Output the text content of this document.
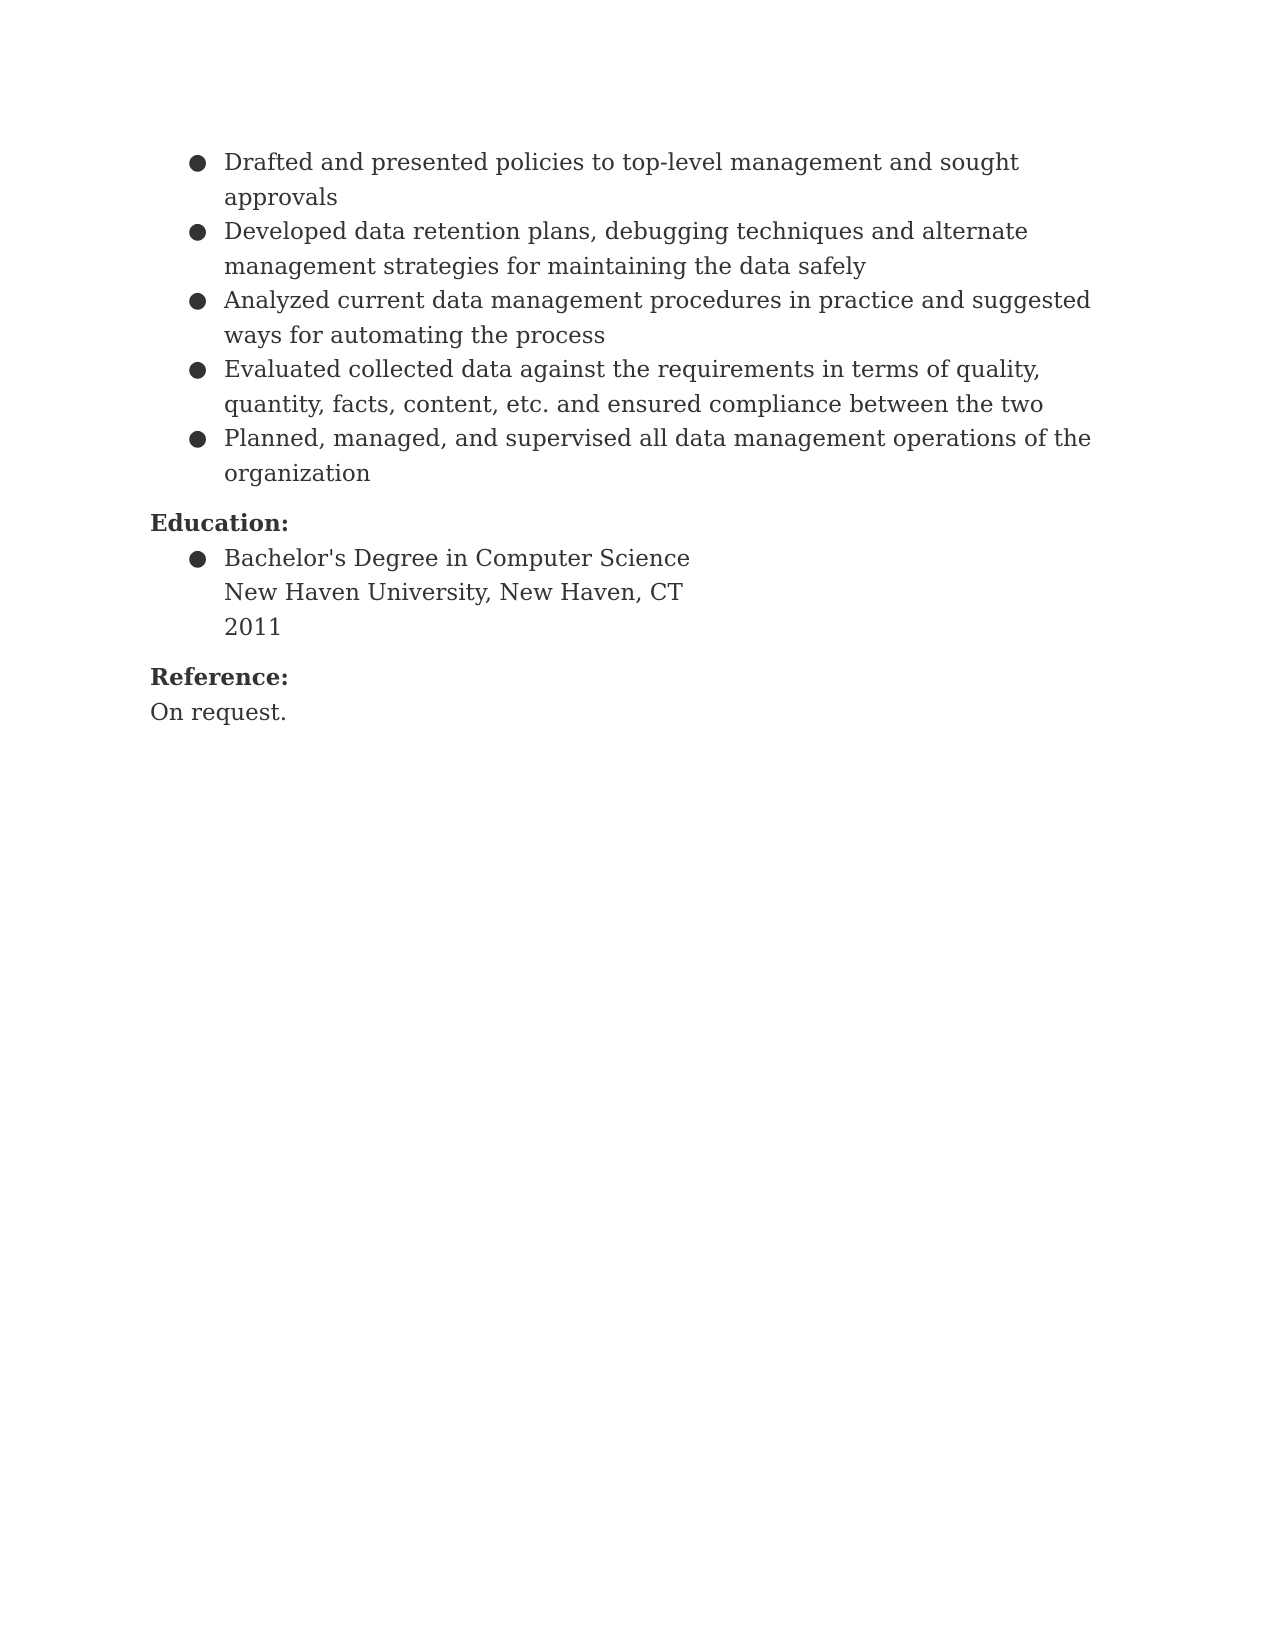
● Drafted and presented policies to top-level management and sought approvals
● Developed data retention plans, debugging techniques and alternate management strategies for maintaining the data safely
● Analyzed current data management procedures in practice and suggested ways for automating the process
● Evaluated collected data against the requirements in terms of quality, quantity, facts, content, etc. and ensured compliance between the two
● Planned, managed, and supervised all data management operations of the organization
Education:
● Bachelor's Degree in Computer Science
New Haven University, New Haven, CT
2011
Reference:

On request.
